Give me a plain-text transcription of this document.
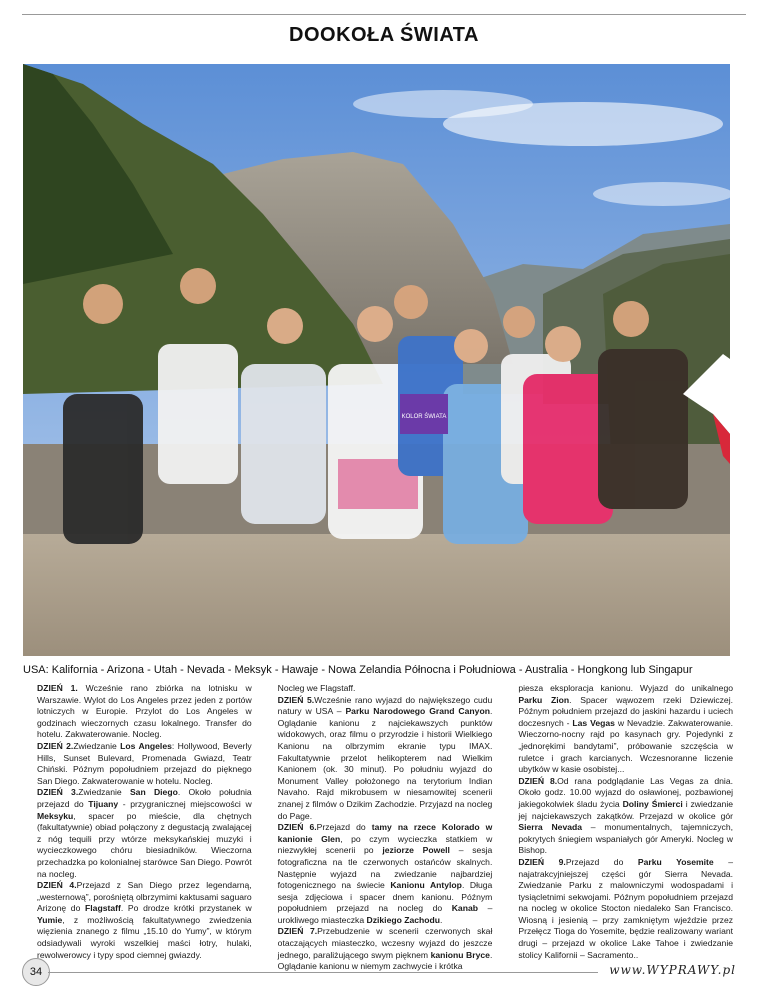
DOOKOŁA ŚWIATA
KOLOR ŚWIATA
USA: Kalifornia - Arizona - Utah - Nevada - Meksyk - Hawaje - Nowa Zelandia Północna i Południowa - Australia - Hongkong lub Singapur

DZIEŃ 1. Wcześnie rano zbiórka na lotnisku w Warszawie. Wylot do Los Angeles przez jeden z portów lotniczych w Europie. Przylot do Los Angeles w godzinach wieczornych czasu lokalnego. Transfer do hotelu. Zakwaterowanie. Nocleg.

DZIEŃ 2.Zwiedzanie Los Angeles: Hollywood, Beverly Hills, Sunset Bulevard, Promenada Gwiazd, Teatr Chiński. Późnym popołudniem przejazd do pięknego San Diego. Zakwaterowanie w hotelu. Nocleg.

DZIEŃ 3.Zwiedzanie San Diego. Około południa przejazd do Tijuany - przygranicznej miejscowości w Meksyku, spacer po mieście, dla chętnych (fakultatywnie) obiad połączony z degustacją zwalającej z nóg tequili przy wtórze meksykańskiej muzyki i wycieczkowego chóru biesiadników. Wieczorna przechadzka po kolonialnej starówce San Diego. Powrót na nocleg.

DZIEŃ 4.Przejazd z San Diego przez legendarną, „westernową”, porośniętą olbrzymimi kaktusami saguaro Arizonę do Flagstaff. Po drodze krótki przystanek w Yumie, z możliwością fakultatywnego zwiedzenia więzienia znanego z filmu „15.10 do Yumy”, w którym odsiadywali wyroki wszelkiej maści łotry, hulaki, rewolwerowcy i typy spod ciemnej gwiazdy.

Nocleg we Flagstaff.

DZIEŃ 5.Wcześnie rano wyjazd do największego cudu natury w USA – Parku Narodowego Grand Canyon. Oglądanie kanionu z najciekawszych punktów widokowych, oraz filmu o przyrodzie i historii Wielkiego Kanionu na olbrzymim ekranie typu IMAX. Fakultatywnie przelot helikopterem nad Wielkim Kanionem (ok. 30 minut). Po południu wyjazd do Monument Valley położonego na terytorium Indian Navaho. Rajd mikrobusem w niesamowitej scenerii znanej z filmów o Dzikim Zachodzie. Przyjazd na nocleg do Page.

DZIEŃ 6.Przejazd do tamy na rzece Kolorado w kanionie Glen, po czym wycieczka statkiem w niezwykłej scenerii po jeziorze Powell – sesja fotograficzna na tle czerwonych ostańców skalnych. Następnie wyjazd na zwiedzanie najbardziej fotogenicznego na świecie Kanionu Antylop. Długa sesja zdjęciowa i spacer dnem kanionu. Późnym popołudniem przejazd na nocleg do Kanab – urokliwego miasteczka Dzikiego Zachodu.

DZIEŃ 7.Przebudzenie w scenerii czerwonych skał otaczających miasteczko, wczesny wyjazd do jeszcze jednego, paraliżującego swym pięknem kanionu Bryce. Oglądanie kanionu w niemym zachwycie i krótka

piesza eksploracja kanionu. Wyjazd do unikalnego Parku Zion. Spacer wąwozem rzeki Dziewiczej. Późnym południem przejazd do jaskini hazardu i uciech doczesnych - Las Vegas w Nevadzie. Zakwaterowanie. Wieczorno-nocny rajd po kasynach gry. Pojedynki z „jednorękimi bandytami”, próbowanie szczęścia w ruletce i grach karcianych. Wczesnoranne liczenie ubytków w kasie osobistej...

DZIEŃ 8.Od rana podglądanie Las Vegas za dnia. Około godz. 10.00 wyjazd do osławionej, pozbawionej jakiegokolwiek śladu życia Doliny Śmierci i zwiedzanie jej najciekawszych zakątków. Przejazd w okolice gór Sierra Nevada – monumentalnych, tajemniczych, pokrytych śniegiem wspaniałych gór Ameryki. Nocleg w Bishop.

DZIEŃ 9.Przejazd do Parku Yosemite – najatrakcyjniejszej części gór Sierra Nevada. Zwiedzanie Parku z malowniczymi wodospadami i tysiącletnimi sekwojami. Późnym popołudniem przejazd na nocleg w okolice Stocton niedaleko San Francisco. Wiosną i jesienią – przy zamkniętym wjeździe przez Przełęcz Tioga do Yosemite, będzie realizowany wariant drugi – przejazd w okolice Lake Tahoe i zwiedzanie stolicy Kalifornii – Sacramento..

34	www.WYPRAWY.pl
